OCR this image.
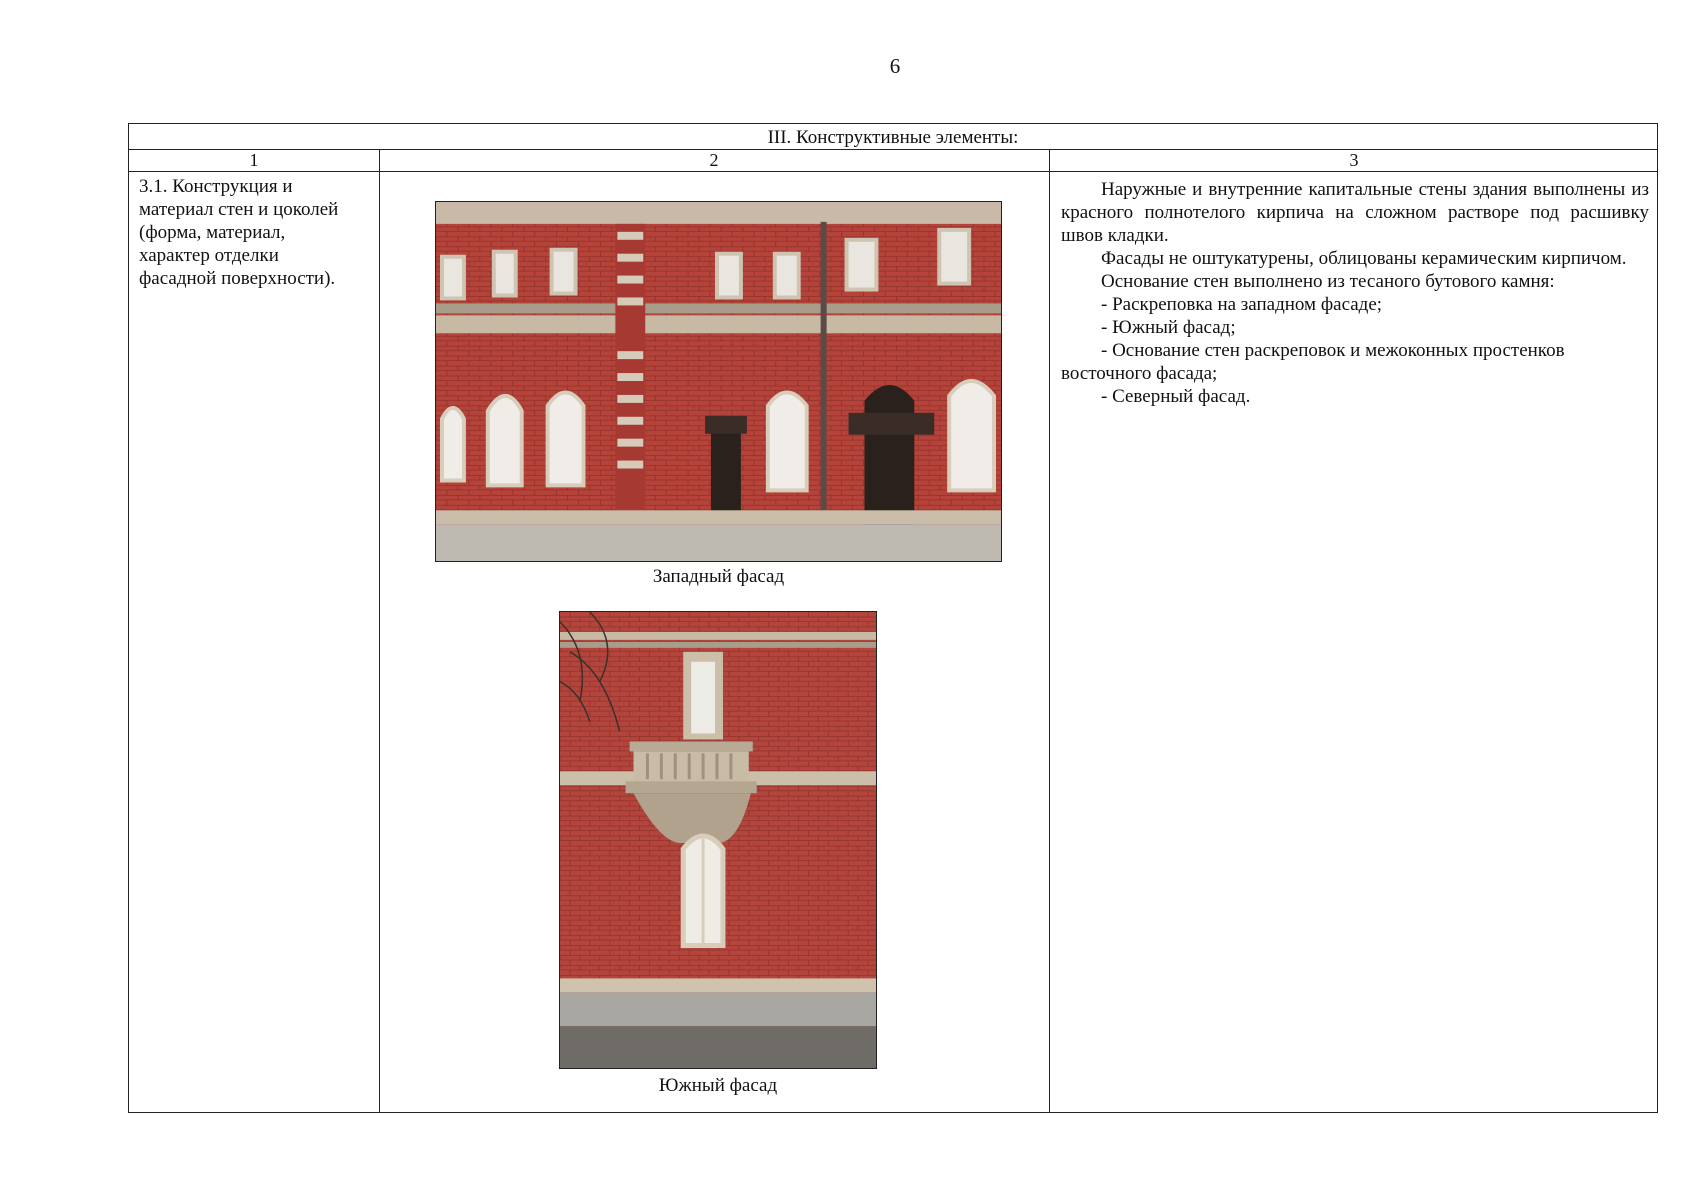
6
III. Конструктивные элементы:
1	2	3
3.1. Конструкция и
материал стен и цоколей
(форма, материал,
характер отделки
фасадной поверхности).
Западный фасад
Южный фасад

Наружные и внутренние капитальные стены здания выполнены из красного полнотелого кирпича на сложном растворе под расшивку швов кладки.

Фасады не оштукатурены, облицованы керамическим кирпичом.

Основание стен выполнено из тесаного бутового камня:

- Раскреповка на западном фасаде;

- Южный фасад;

- Основание стен раскреповок и межоконных простенков восточного фасада;

- Северный фасад.
